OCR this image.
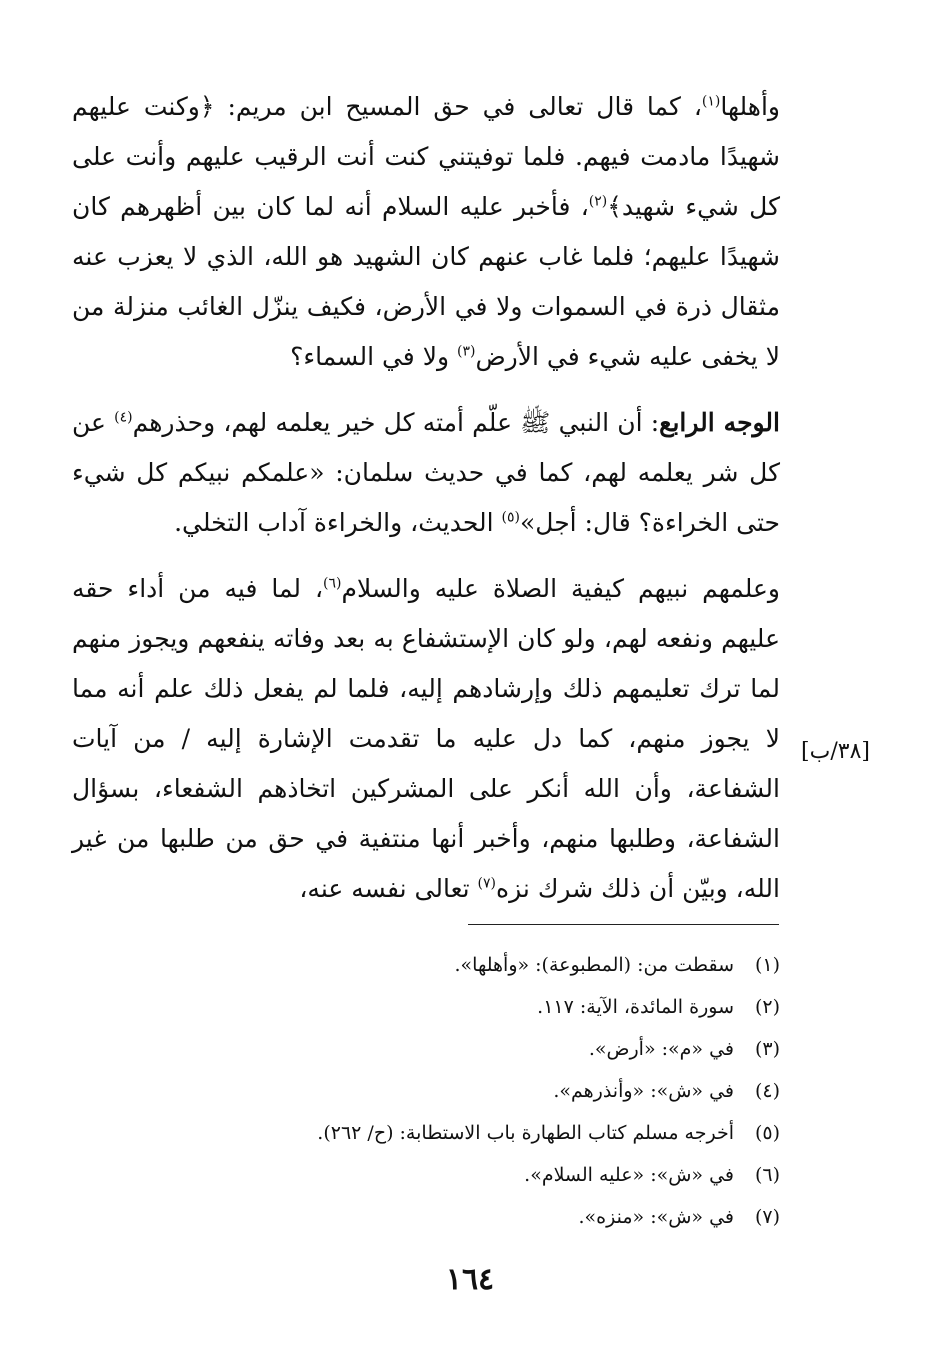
وأهلها$^{(١)}$، كما قال تعالى في حق المسيح ابن مريم: ﴿وكنت عليهم شهيدًا مادمت فيهم. فلما توفيتني كنت أنت الرقيب عليهم وأنت على كل شيء شهيد﴾$^{(٢)}$، فأخبر عليه السلام أنه لما كان بين أظهرهم كان شهيدًا عليهم؛ فلما غاب عنهم كان الشهيد هو الله، الذي لا يعزب عنه مثقال ذرة في السموات ولا في الأرض، فكيف ينزّل الغائب منزلة من لا يخفى عليه شيء في الأرض$^{(٣)}$ ولا في السماء؟

الوجه الرابع: أن النبي ﷺ علّم أمته كل خير يعلمه لهم، وحذرهم$^{(٤)}$ عن كل شر يعلمه لهم، كما في حديث سلمان: «علمكم نبيكم كل شيء حتى الخراءة؟ قال: أجل»$^{(٥)}$ الحديث، والخراءة آداب التخلي.

وعلمهم نبيهم كيفية الصلاة عليه والسلام$^{(٦)}$، لما فيه من أداء حقه عليهم ونفعه لهم، ولو كان الإستشفاع به بعد وفاته ينفعهم ويجوز منهم لما ترك تعليمهم ذلك وإرشادهم إليه، فلما لم يفعل ذلك علم أنه مما لا يجوز منهم، كما دل عليه ما تقدمت الإشارة إليه / من آيات الشفاعة، وأن الله أنكر على المشركين اتخاذهم الشفعاء، بسؤال الشفاعة، وطلبها منهم، وأخبر أنها منتفية في حق من طلبها من غير الله، وبيّن أن ذلك شرك نزه$^{(٧)}$ تعالى نفسه عنه،

[٣٨/ب]
(١)
سقطت من: (المطبوعة): «وأهلها».
(٢)
سورة المائدة، الآية: ١١٧.
(٣)
في «م»: «أرض».
(٤)
في «ش»: «وأنذرهم».
(٥)
أخرجه مسلم كتاب الطهارة باب الاستطابة: (ح/ ٢٦٢).
(٦)
في «ش»: «عليه السلام».
(٧)
في «ش»: «منزه».
١٦٤
